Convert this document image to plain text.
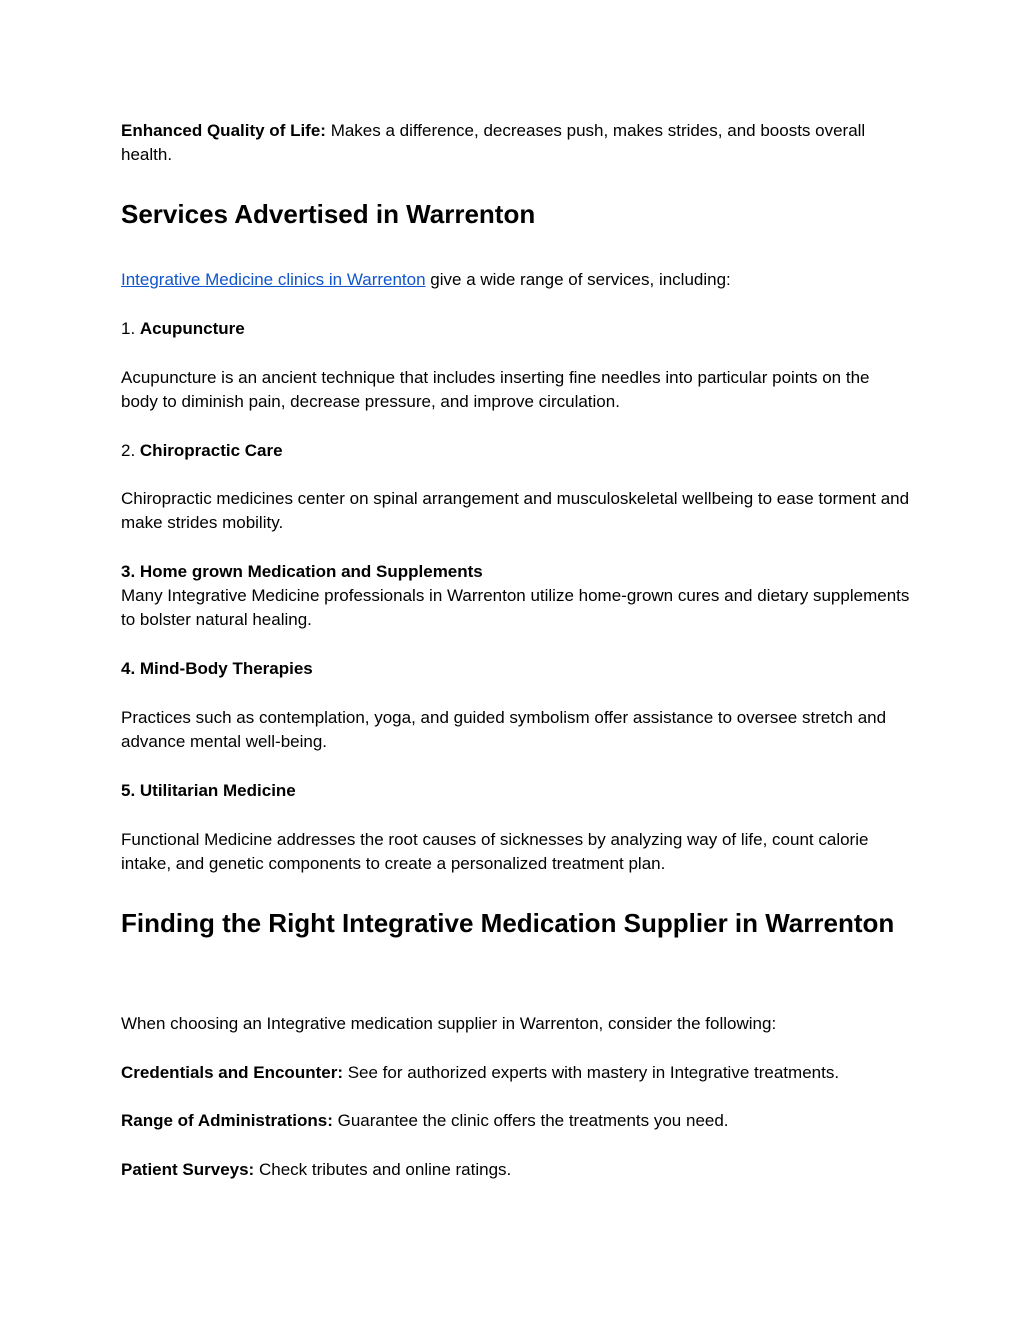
Enhanced Quality of Life: Makes a difference, decreases push, makes strides, and boosts overall health.

Services Advertised in Warrenton

Integrative Medicine clinics in Warrenton give a wide range of services, including:

1. Acupuncture

Acupuncture is an ancient technique that includes inserting fine needles into particular points on the body to diminish pain, decrease pressure, and improve circulation.

2. Chiropractic Care

Chiropractic medicines center on spinal arrangement and musculoskeletal wellbeing to ease torment and make strides mobility.

3. Home grown Medication and Supplements

Many Integrative Medicine professionals in Warrenton utilize home-grown cures and dietary supplements to bolster natural healing.

4. Mind-Body Therapies

Practices such as contemplation, yoga, and guided symbolism offer assistance to oversee stretch and advance mental well-being.

5. Utilitarian Medicine

Functional Medicine addresses the root causes of sicknesses by analyzing way of life, count calorie intake, and genetic components to create a personalized treatment plan.

Finding the Right Integrative Medication Supplier in Warrenton

When choosing an Integrative medication supplier in Warrenton, consider the following:

Credentials and Encounter: See for authorized experts with mastery in Integrative treatments.

Range of Administrations: Guarantee the clinic offers the treatments you need.

Patient Surveys: Check tributes and online ratings.
